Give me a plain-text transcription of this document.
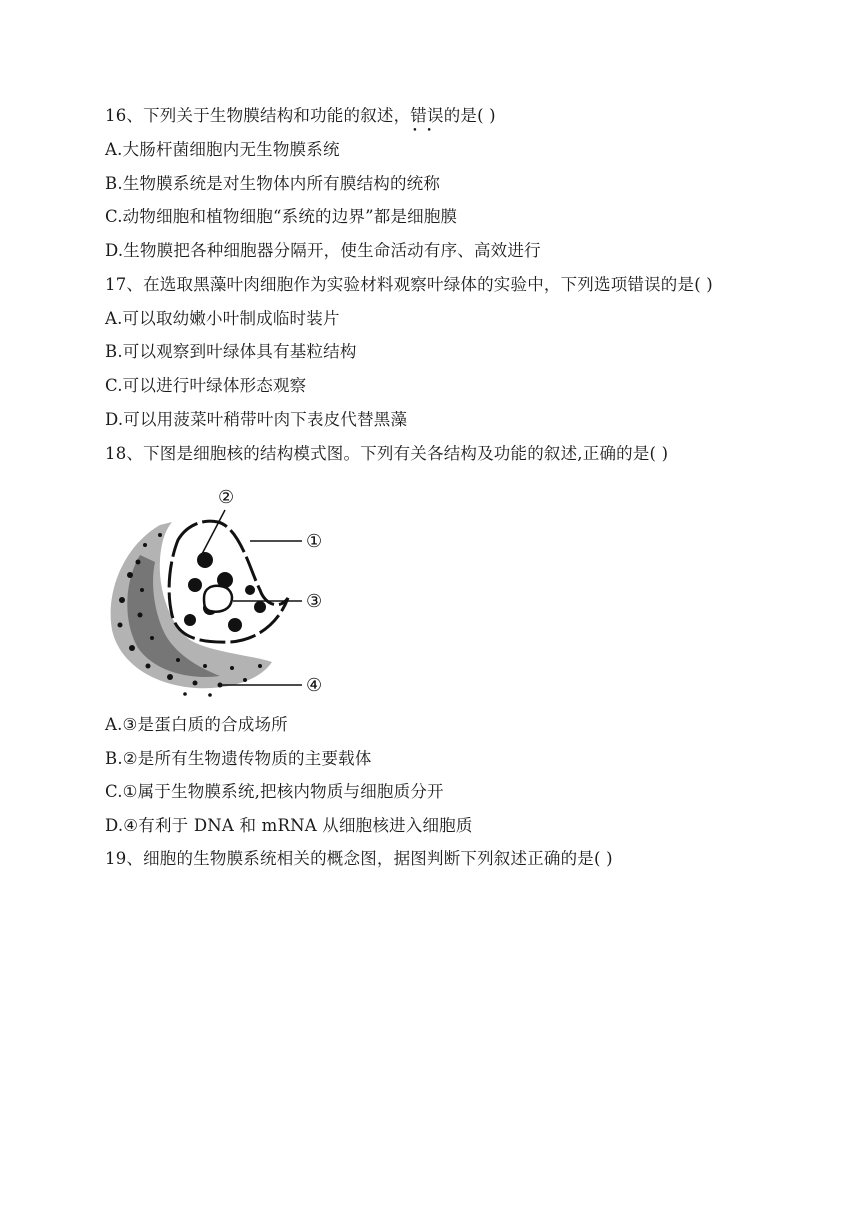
16、下列关于生物膜结构和功能的叙述，错误 • •的是( )
A.大肠杆菌细胞内无生物膜系统
B.生物膜系统是对生物体内所有膜结构的统称
C.动物细胞和植物细胞“系统的边界”都是细胞膜
D.生物膜把各种细胞器分隔开，使生命活动有序、高效进行
17、在选取黑藻叶肉细胞作为实验材料观察叶绿体的实验中，下列选项错误的是( )
A.可以取幼嫩小叶制成临时装片
B.可以观察到叶绿体具有基粒结构
C.可以进行叶绿体形态观察
D.可以用菠菜叶稍带叶肉下表皮代替黑藻
18、下图是细胞核的结构模式图。下列有关各结构及功能的叙述,正确的是( )
②
①
③
④
A.③是蛋白质的合成场所
B.②是所有生物遗传物质的主要载体
C.①属于生物膜系统,把核内物质与细胞质分开
D.④有利于 DNA 和 mRNA 从细胞核进入细胞质
19、细胞的生物膜系统相关的概念图，据图判断下列叙述正确的是( )
